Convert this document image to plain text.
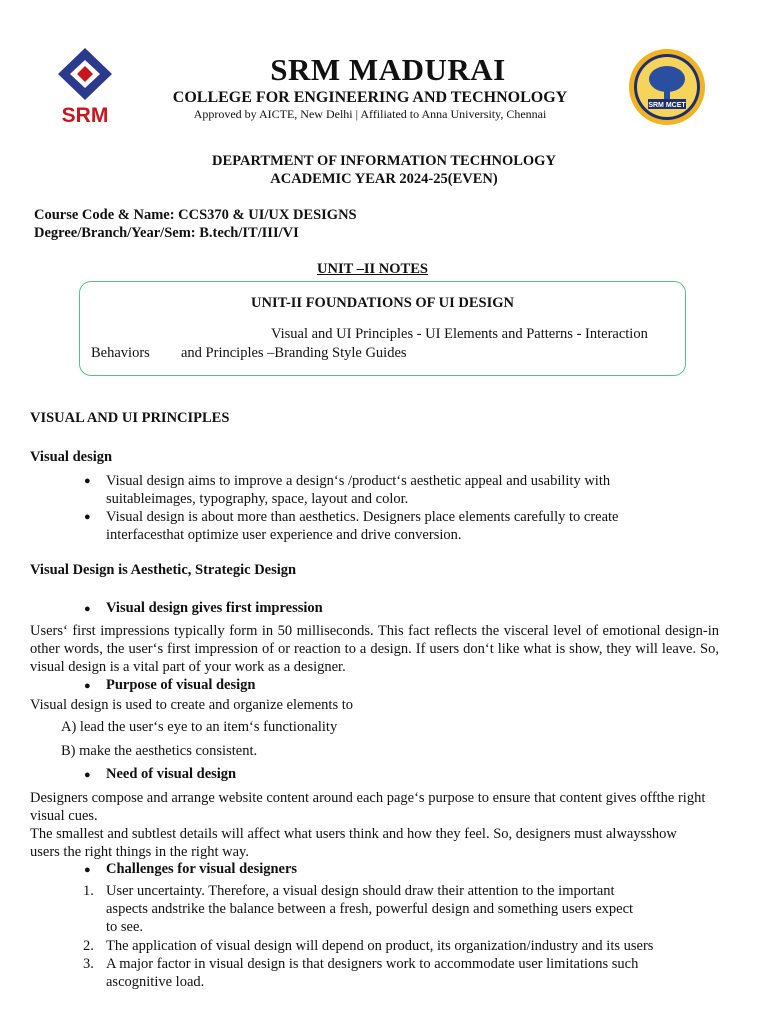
SRM
SRM MADURAI
COLLEGE FOR ENGINEERING AND TECHNOLOGY
Approved by AICTE, New Delhi | Affiliated to Anna University, Chennai
SRM MCET
DEPARTMENT OF INFORMATION TECHNOLOGY
ACADEMIC YEAR 2024-25(EVEN)
Course Code & Name: CCS370 & UI/UX DESIGNS
Degree/Branch/Year/Sem: B.tech/IT/III/VI
UNIT –II NOTES
UNIT-II FOUNDATIONS OF UI DESIGN
Visual and UI Principles - UI Elements and Patterns - Interaction
Behaviors and Principles –Branding Style Guides
VISUAL AND UI PRINCIPLES
Visual design
● Visual design aims to improve a design‘s /product‘s aesthetic appeal and usability with
suitableimages, typography, space, layout and color.
● Visual design is about more than aesthetics. Designers place elements carefully to create
interfacesthat optimize user experience and drive conversion.
Visual Design is Aesthetic, Strategic Design
● Visual design gives first impression
Users‘ first impressions typically form in 50 milliseconds. This fact reflects the visceral level of emotional design-in other words, the user‘s first impression of or reaction to a design. If users don‘t like what is show, they will leave. So, visual design is a vital part of your work as a designer.
● Purpose of visual design
Visual design is used to create and organize elements to
A) lead the user‘s eye to an item‘s functionality
B) make the aesthetics consistent.
● Need of visual design
Designers compose and arrange website content around each page‘s purpose to ensure that content gives offthe right visual cues.
The smallest and subtlest details will affect what users think and how they feel. So, designers must alwaysshow users the right things in the right way.
● Challenges for visual designers
1. User uncertainty. Therefore, a visual design should draw their attention to the important
aspects andstrike the balance between a fresh, powerful design and something users expect
to see.
2. The application of visual design will depend on product, its organization/industry and its users
3. A major factor in visual design is that designers work to accommodate user limitations such
ascognitive load.
